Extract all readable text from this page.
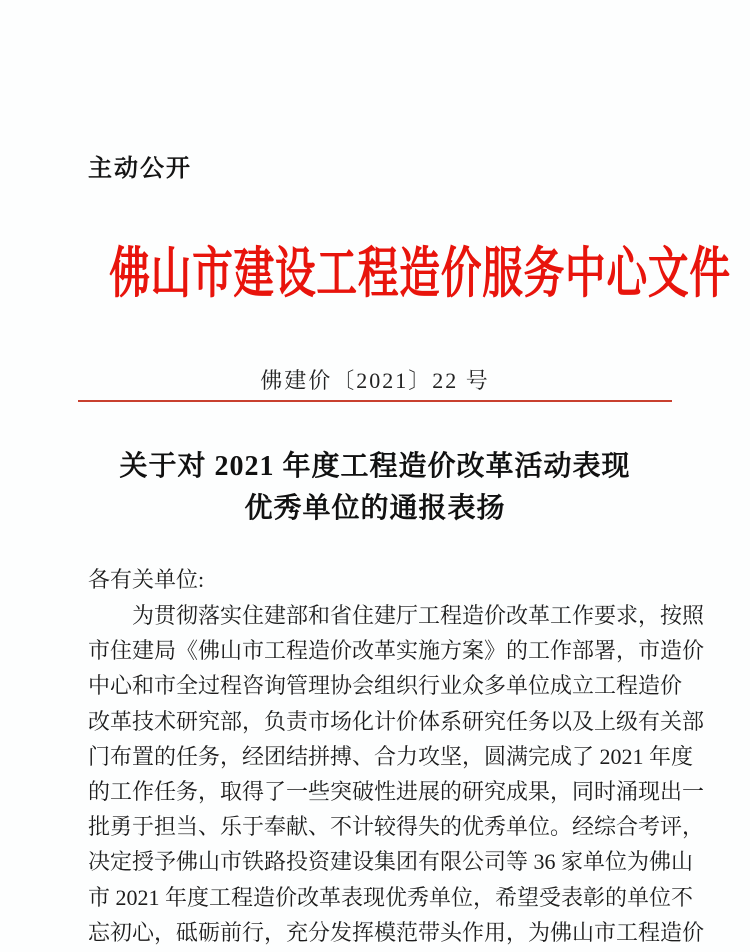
主动公开
佛山市建设工程造价服务中心文件
佛建价〔2021〕22 号
关于对 2021 年度工程造价改革活动表现
优秀单位的通报表扬
各有关单位:
为贯彻落实住建部和省住建厅工程造价改革工作要求，按照
市住建局《佛山市工程造价改革实施方案》的工作部署，市造价
中心和市全过程咨询管理协会组织行业众多单位成立工程造价
改革技术研究部，负责市场化计价体系研究任务以及上级有关部
门布置的任务，经团结拼搏、合力攻坚，圆满完成了 2021 年度
的工作任务，取得了一些突破性进展的研究成果，同时涌现出一
批勇于担当、乐于奉献、不计较得失的优秀单位。经综合考评，
决定授予佛山市铁路投资建设集团有限公司等 36 家单位为佛山
市 2021 年度工程造价改革表现优秀单位，希望受表彰的单位不
忘初心，砥砺前行，充分发挥模范带头作用，为佛山市工程造价
